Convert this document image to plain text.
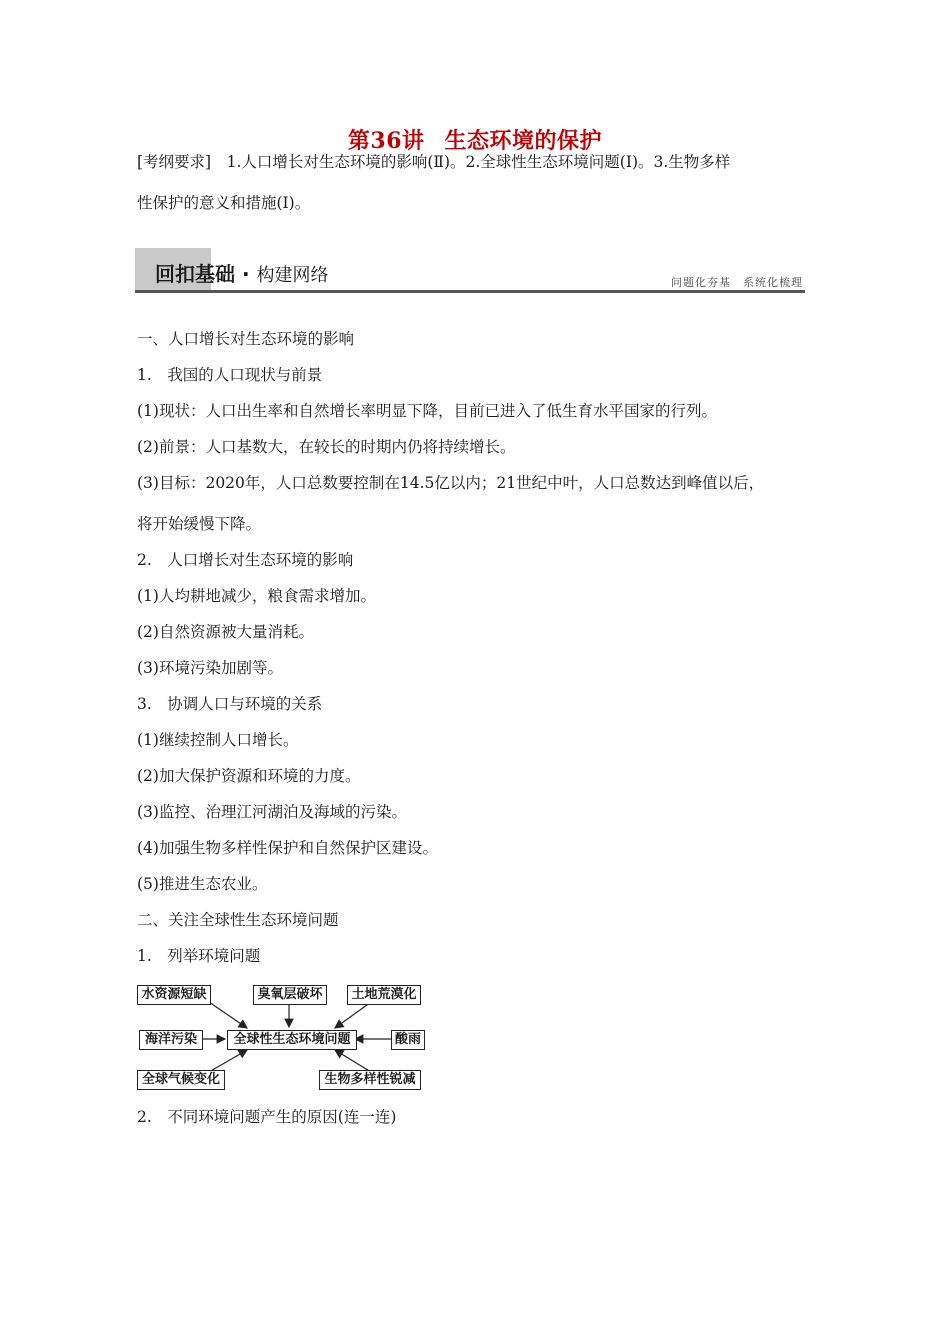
第36讲 生态环境的保护
[考纲要求]　1.人口增长对生态环境的影响(Ⅱ)。2.全球性生态环境问题(Ⅰ)。3.生物多样
性保护的意义和措施(Ⅰ)。
回扣基础 · 构建网络	问题化夯基　系统化梳理
一、人口增长对生态环境的影响
1.　我国的人口现状与前景
(1)现状：人口出生率和自然增长率明显下降，目前已进入了低生育水平国家的行列。
(2)前景：人口基数大，在较长的时期内仍将持续增长。
(3)目标：2020年，人口总数要控制在14.5亿以内；21世纪中叶，人口总数达到峰值以后，
将开始缓慢下降。
2.　人口增长对生态环境的影响
(1)人均耕地减少，粮食需求增加。
(2)自然资源被大量消耗。
(3)环境污染加剧等。
3.　协调人口与环境的关系
(1)继续控制人口增长。
(2)加大保护资源和环境的力度。
(3)监控、治理江河湖泊及海域的污染。
(4)加强生物多样性保护和自然保护区建设。
(5)推进生态农业。
二、关注全球性生态环境问题
1.　列举环境问题
水资源短缺	臭氧层破坏	土地荒漠化
海洋污染	全球性生态环境问题	酸雨
全球气候变化	生物多样性锐减
2.　不同环境问题产生的原因(连一连)
